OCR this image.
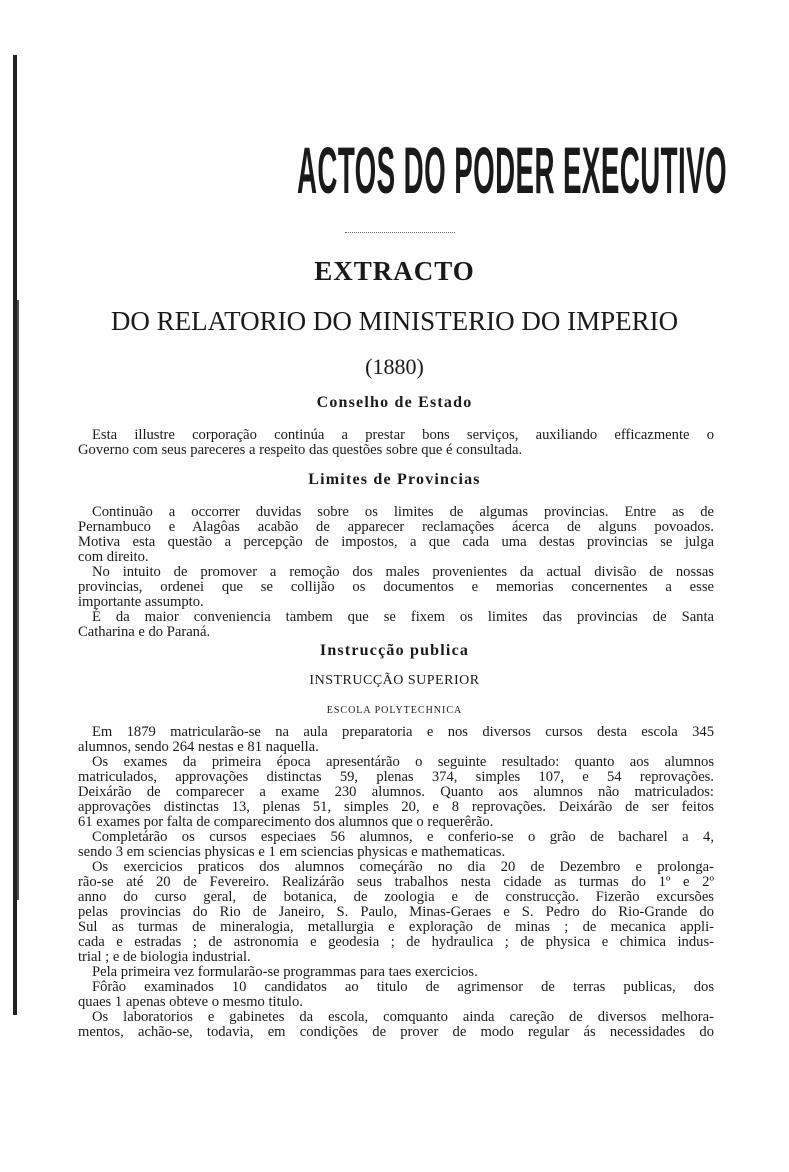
ACTOS DO PODER EXECUTIVO
EXTRACTO
DO RELATORIO DO MINISTERIO DO IMPERIO
(1880)
Conselho de Estado
Esta illustre corporação continúa a prestar bons serviços, auxiliando efficazmente o
Governo com seus pareceres a respeito das questões sobre que é consultada.
Limites de Provincias
Continuão a occorrer duvidas sobre os limites de algumas provincias. Entre as de
Pernambuco e Alagôas acabão de apparecer reclamações ácerca de alguns povoados.
Motiva esta questão a percepção de impostos, a que cada uma destas provincias se julga
com direito.
No intuito de promover a remoção dos males provenientes da actual divisão de nossas
provincias, ordenei que se collijão os documentos e memorias concernentes a esse
importante assumpto.
É da maior conveniencia tambem que se fixem os limites das provincias de Santa
Catharina e do Paraná.
Instrucção publica
INSTRUCÇÃO SUPERIOR
ESCOLA POLYTECHNICA
Em 1879 matricularão-se na aula preparatoria e nos diversos cursos desta escola 345
alumnos, sendo 264 nestas e 81 naquella.
Os exames da primeira época apresentárão o seguinte resultado: quanto aos alumnos
matriculados, approvações distinctas 59, plenas 374, simples 107, e 54 reprovações.
Deixárão de comparecer a exame 230 alumnos. Quanto aos alumnos não matriculados:
approvações distinctas 13, plenas 51, simples 20, e 8 reprovações. Deixárão de ser feitos
61 exames por falta de comparecimento dos alumnos que o requerêrão.
Completárão os cursos especiaes 56 alumnos, e conferio-se o grão de bacharel a 4,
sendo 3 em sciencias physicas e 1 em sciencias physicas e mathematicas.
Os exercicios praticos dos alumnos começárão no dia 20 de Dezembro e prolonga-
rão-se até 20 de Fevereiro. Realizárão seus trabalhos nesta cidade as turmas do 1º e 2º
anno do curso geral, de botanica, de zoologia e de construcção. Fizerão excursões
pelas provincias do Rio de Janeiro, S. Paulo, Minas-Geraes e S. Pedro do Rio-Grande do
Sul as turmas de mineralogia, metallurgia e exploração de minas ; de mecanica appli-
cada e estradas ; de astronomia e geodesia ; de hydraulica ; de physica e chimica indus-
trial ; e de biologia industrial.
Pela primeira vez formularão-se programmas para taes exercicios.
Fôrão examinados 10 candidatos ao titulo de agrimensor de terras publicas, dos
quaes 1 apenas obteve o mesmo titulo.
Os laboratorios e gabinetes da escola, comquanto ainda careção de diversos melhora-
mentos, achão-se, todavia, em condições de prover de modo regular ás necessidades do
